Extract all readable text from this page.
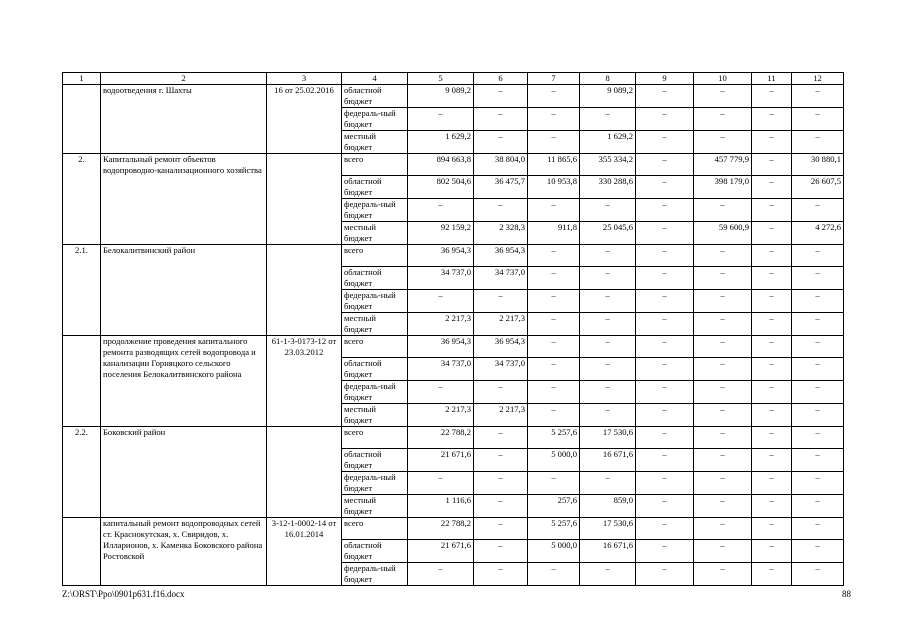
1	2	3	4	5	6	7	8	9	10	11	12
	водоотведения г. Шахты	16 от 25.02.2016	областной бюджет	9 089,2	–	–	9 089,2	–	–	–	–
			федераль-ный бюджет	–	–	–	–	–	–	–	–
			местный бюджет	1 629,2	–	–	1 629,2	–	–	–	–
2.	Капитальный ремонт объектов водопроводно-канализационного хозяйства		всего	894 663,8	38 804,0	11 865,6	355 334,2	–	457 779,9	–	30 880,1
			областной бюджет	802 504,6	36 475,7	10 953,8	330 288,6	–	398 179,0	–	26 607,5
			федераль-ный бюджет	–	–	–	–	–	–	–	–
			местный бюджет	92 159,2	2 328,3	911,8	25 045,6	–	59 600,9	–	4 272,6
2.1.	Белокалитвинский район		всего	36 954,3	36 954,3	–	–	–	–	–	–
			областной бюджет	34 737,0	34 737,0	–	–	–	–	–	–
			федераль-ный бюджет	–	–	–	–	–	–	–	–
			местный бюджет	2 217,3	2 217,3	–	–	–	–	–	–
	продолжение проведения капитального ремонта разводящих сетей водопровода и канализации Горняцкого сельского поселения Белокалитвинского района	61-1-3-0173-12 от 23.03.2012	всего	36 954,3	36 954,3	–	–	–	–	–	–
			областной бюджет	34 737,0	34 737,0	–	–	–	–	–	–
			федераль-ный бюджет	–	–	–	–	–	–	–	–
			местный бюджет	2 217,3	2 217,3	–	–	–	–	–	–
2.2.	Боковский район		всего	22 788,2	–	5 257,6	17 530,6	–	–	–	–
			областной бюджет	21 671,6	–	5 000,0	16 671,6	–	–	–	–
			федераль-ный бюджет	–	–	–	–	–	–	–	–
			местный бюджет	1 116,6	–	257,6	859,0	–	–	–	–
	капитальный ремонт водопроводных сетей ст. Краснокутская, х. Свиридов, х. Илларионов, х. Каменка Боковского района Ростовской	3-12-1-0002-14 от 16.01.2014	всего	22 788,2	–	5 257,6	17 530,6	–	–	–	–
			областной бюджет	21 671,6	–	5 000,0	16 671,6	–	–	–	–
			федераль-ный бюджет	–	–	–	–	–	–	–	–
Z:\ORST\Ppo\0901p631.f16.docx	88
